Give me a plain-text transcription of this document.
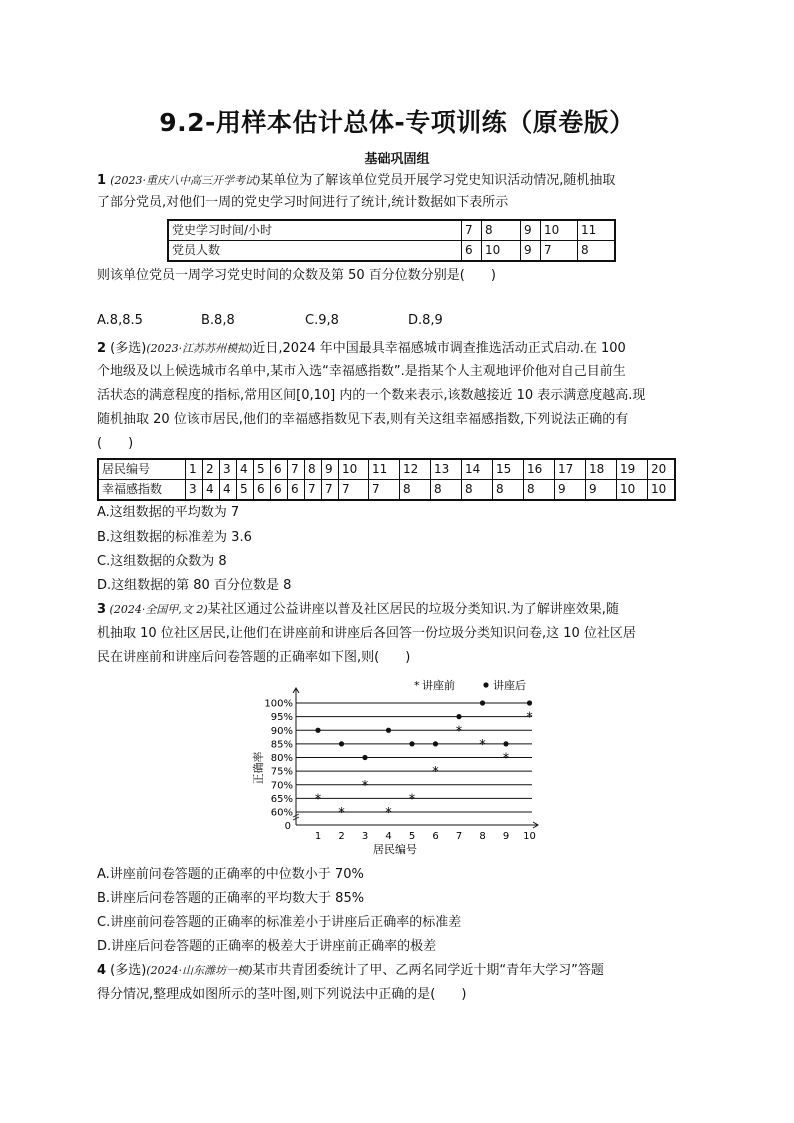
9.2-用样本估计总体-专项训练（原卷版）
基础巩固组
1 (2023·重庆八中高三开学考试)某单位为了解该单位党员开展学习党史知识活动情况,随机抽取
了部分党员,对他们一周的党史学习时间进行了统计,统计数据如下表所示
党史学习时间/小时	7	8	9	10	11
党员人数	6	10	9	7	8
则该单位党员一周学习党史时间的众数及第 50 百分位数分别是(　　)
A.8,8.5	B.8,8	C.9,8	D.8,9
2 (多选)(2023·江苏苏州模拟)近日,2024 年中国最具幸福感城市调查推选活动正式启动.在 100
个地级及以上候选城市名单中,某市入选“幸福感指数”.是指某个人主观地评价他对自己目前生
活状态的满意程度的指标,常用区间[0,10] 内的一个数来表示,该数越接近 10 表示满意度越高.现
随机抽取 20 位该市居民,他们的幸福感指数见下表,则有关这组幸福感指数,下列说法正确的有
(　　)
居民编号	1	2	3	4	5	6	7	8	9	10	11	12	13	14	15	16	17	18	19	20
幸福感指数	3	4	4	5	6	6	6	7	7	7	7	8	8	8	8	8	9	9	10	10
A.这组数据的平均数为 7
B.这组数据的标准差为 3.6
C.这组数据的众数为 8
D.这组数据的第 80 百分位数是 8
3 (2024·全国甲,文 2)某社区通过公益讲座以普及社区居民的垃圾分类知识.为了解讲座效果,随
机抽取 10 位社区居民,让他们在讲座前和讲座后各回答一份垃圾分类知识问卷,这 10 位社区居
民在讲座前和讲座后问卷答题的正确率如下图,则(　　)
0
60%
65%
70%
75%
80%
85%
90%
95%
100%
1 2 3 4 5 6 7 8 9 10
*
*
*
*
*
*
*
*
*
*
* 讲座前	讲座后
正确率
居民编号
A.讲座前问卷答题的正确率的中位数小于 70%
B.讲座后问卷答题的正确率的平均数大于 85%
C.讲座前问卷答题的正确率的标准差小于讲座后正确率的标准差
D.讲座后问卷答题的正确率的极差大于讲座前正确率的极差
4 (多选)(2024·山东潍坊一模)某市共青团委统计了甲、乙两名同学近十期“青年大学习”答题
得分情况,整理成如图所示的茎叶图,则下列说法中正确的是(　　)
